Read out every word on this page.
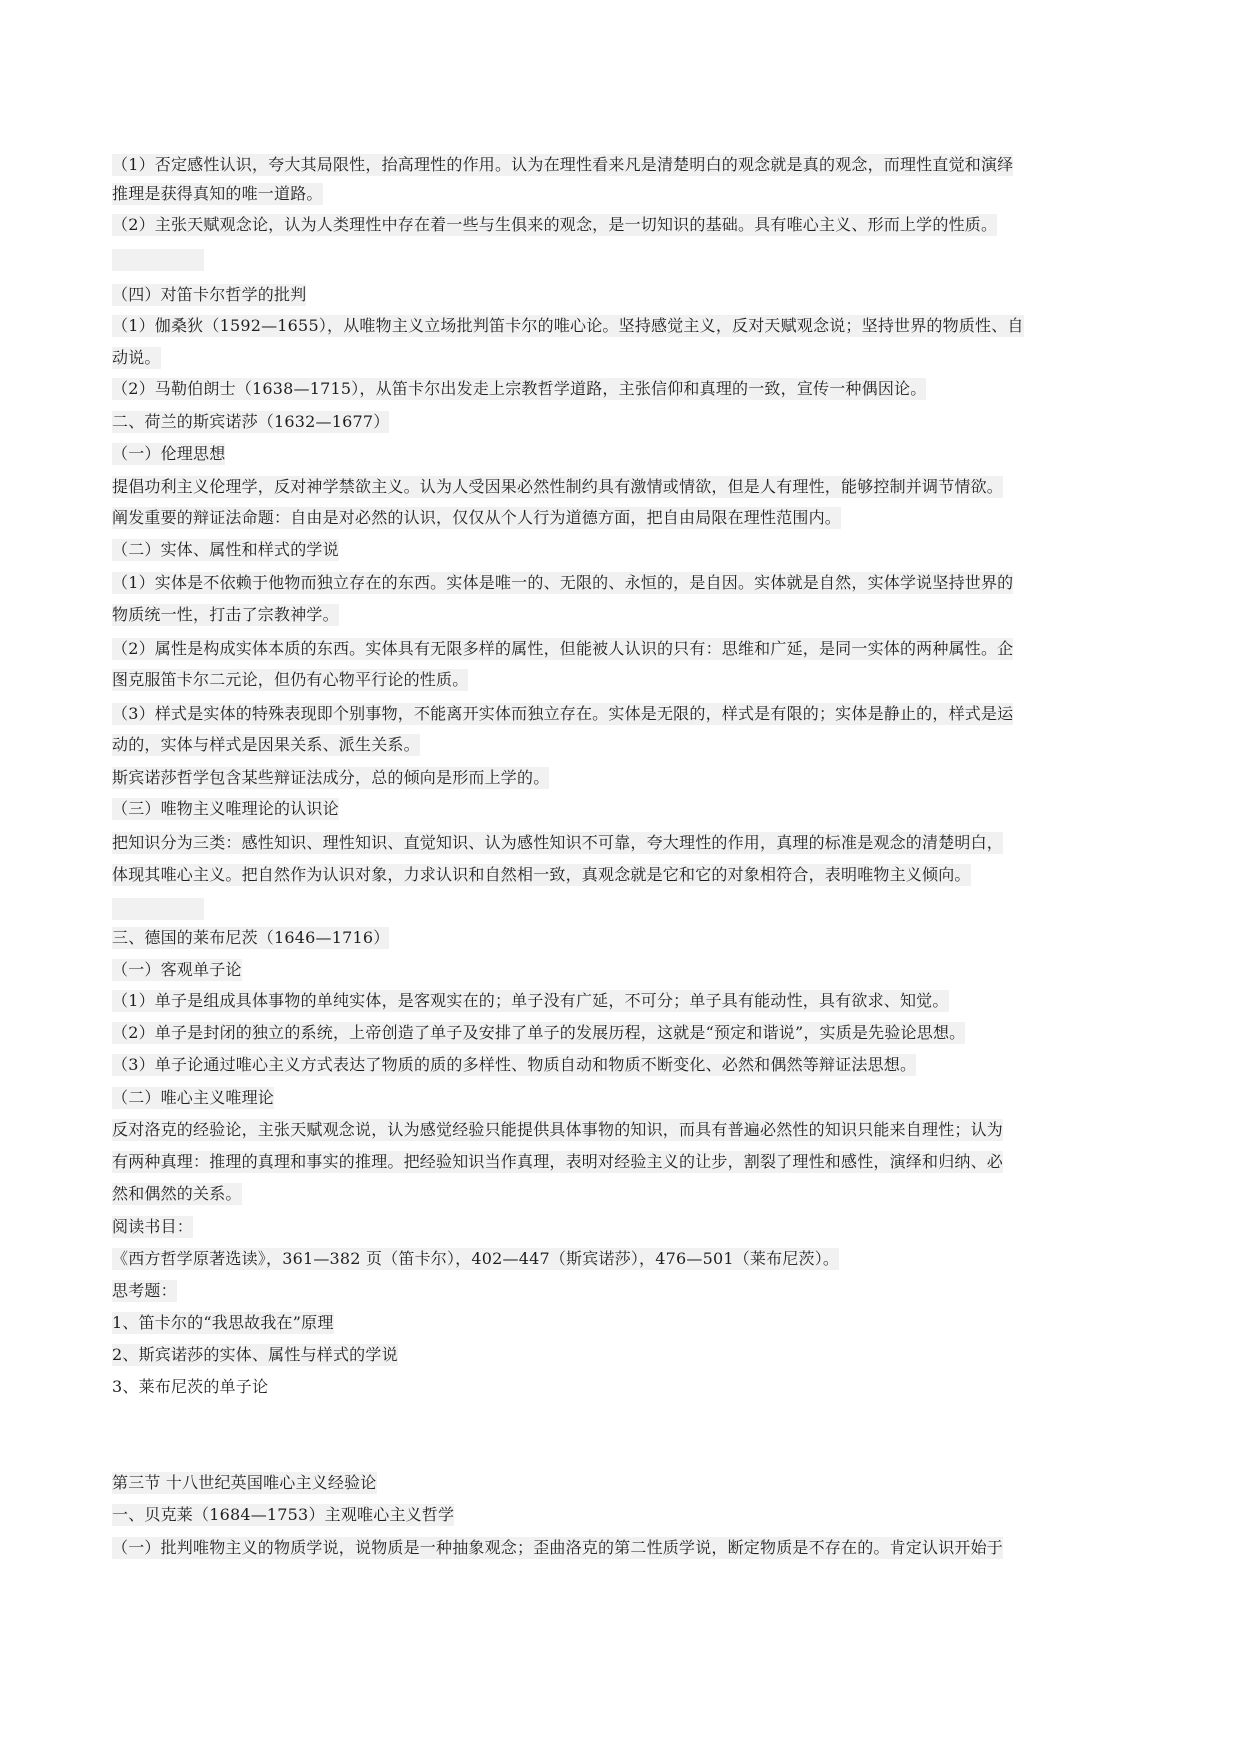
（1）否定感性认识，夸大其局限性，抬高理性的作用。认为在理性看来凡是清楚明白的观念就是真的观念，而理性直觉和演绎
推理是获得真知的唯一道路。
（2）主张天赋观念论，认为人类理性中存在着一些与生俱来的观念，是一切知识的基础。具有唯心主义、形而上学的性质。
（四）对笛卡尔哲学的批判
（1）伽桑狄（1592—1655），从唯物主义立场批判笛卡尔的唯心论。坚持感觉主义，反对天赋观念说；坚持世界的物质性、自
动说。
（2）马勒伯朗士（1638—1715），从笛卡尔出发走上宗教哲学道路，主张信仰和真理的一致，宣传一种偶因论。
二、荷兰的斯宾诺莎（1632—1677）
（一）伦理思想
提倡功利主义伦理学，反对神学禁欲主义。认为人受因果必然性制约具有激情或情欲，但是人有理性，能够控制并调节情欲。
阐发重要的辩证法命题：自由是对必然的认识，仅仅从个人行为道德方面，把自由局限在理性范围内。
（二）实体、属性和样式的学说
（1）实体是不依赖于他物而独立存在的东西。实体是唯一的、无限的、永恒的，是自因。实体就是自然，实体学说坚持世界的
物质统一性，打击了宗教神学。
（2）属性是构成实体本质的东西。实体具有无限多样的属性，但能被人认识的只有：思维和广延，是同一实体的两种属性。企
图克服笛卡尔二元论，但仍有心物平行论的性质。
（3）样式是实体的特殊表现即个别事物，不能离开实体而独立存在。实体是无限的，样式是有限的；实体是静止的，样式是运
动的，实体与样式是因果关系、派生关系。
斯宾诺莎哲学包含某些辩证法成分，总的倾向是形而上学的。
（三）唯物主义唯理论的认识论
把知识分为三类：感性知识、理性知识、直觉知识、认为感性知识不可靠，夸大理性的作用，真理的标准是观念的清楚明白，
体现其唯心主义。把自然作为认识对象，力求认识和自然相一致，真观念就是它和它的对象相符合，表明唯物主义倾向。
三、德国的莱布尼茨（1646—1716）
（一）客观单子论
（1）单子是组成具体事物的单纯实体，是客观实在的；单子没有广延，不可分；单子具有能动性，具有欲求、知觉。
（2）单子是封闭的独立的系统，上帝创造了单子及安排了单子的发展历程，这就是“预定和谐说”，实质是先验论思想。
（3）单子论通过唯心主义方式表达了物质的质的多样性、物质自动和物质不断变化、必然和偶然等辩证法思想。
（二）唯心主义唯理论
反对洛克的经验论，主张天赋观念说，认为感觉经验只能提供具体事物的知识，而具有普遍必然性的知识只能来自理性；认为
有两种真理：推理的真理和事实的推理。把经验知识当作真理，表明对经验主义的让步，割裂了理性和感性，演绎和归纳、必
然和偶然的关系。
阅读书目：
《西方哲学原著选读》，361—382 页（笛卡尔），402—447（斯宾诺莎），476—501（莱布尼茨）。
思考题：
1、笛卡尔的“我思故我在”原理
2、斯宾诺莎的实体、属性与样式的学说
3、莱布尼茨的单子论
第三节 十八世纪英国唯心主义经验论
一、贝克莱（1684—1753）主观唯心主义哲学
（一）批判唯物主义的物质学说，说物质是一种抽象观念；歪曲洛克的第二性质学说，断定物质是不存在的。肯定认识开始于
